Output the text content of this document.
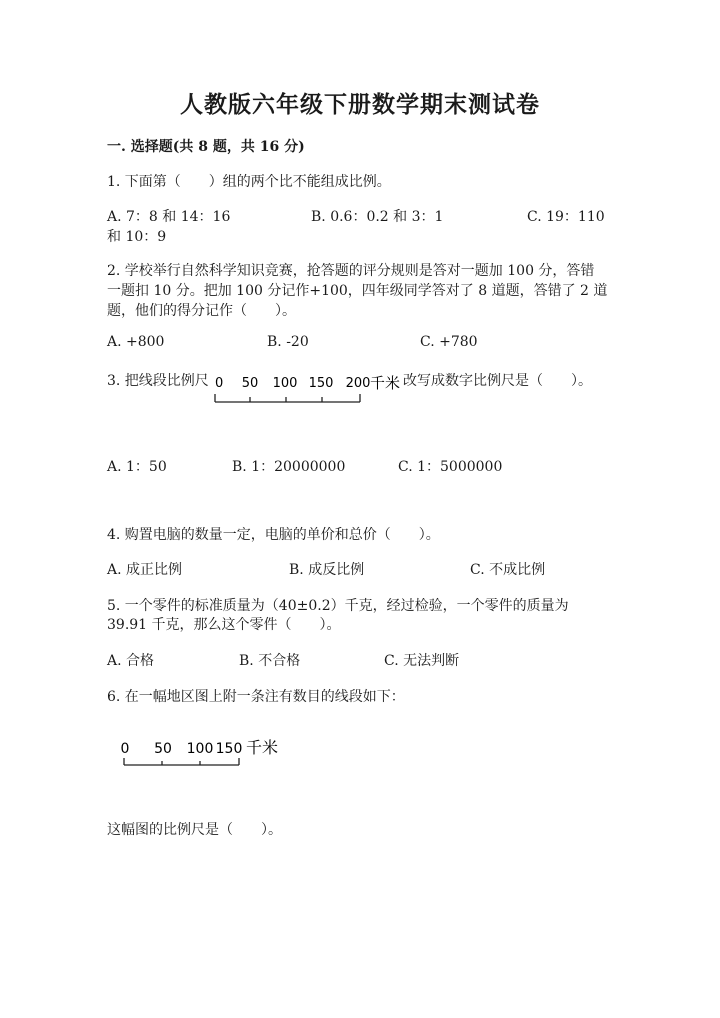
人教版六年级下册数学期末测试卷
一. 选择题(共 8 题，共 16 分)
1. 下面第（　　）组的两个比不能组成比例。
A. 7：8 和 14：16	B. 0.6：0.2 和 3：1	C. 19：110
和 10：9
2. 学校举行自然科学知识竞赛，抢答题的评分规则是答对一题加 100 分，答错
一题扣 10 分。把加 100 分记作+100，四年级同学答对了 8 道题，答错了 2 道
题，他们的得分记作（　　）。
A. +800	B. -20	C. +780
3. 把线段比例尺 0 50 100 150 200 千米 改写成数字比例尺是（　　）。
A. 1：50	B. 1：20000000	C. 1：5000000
4. 购置电脑的数量一定，电脑的单价和总价（　　）。
A. 成正比例	B. 成反比例	C. 不成比例
5. 一个零件的标准质量为（40±0.2）千克，经过检验，一个零件的质量为
39.91 千克，那么这个零件（　　）。
A. 合格	B. 不合格	C. 无法判断
6. 在一幅地区图上附一条注有数目的线段如下：
0 50 100 150 千米
这幅图的比例尺是（　　）。
